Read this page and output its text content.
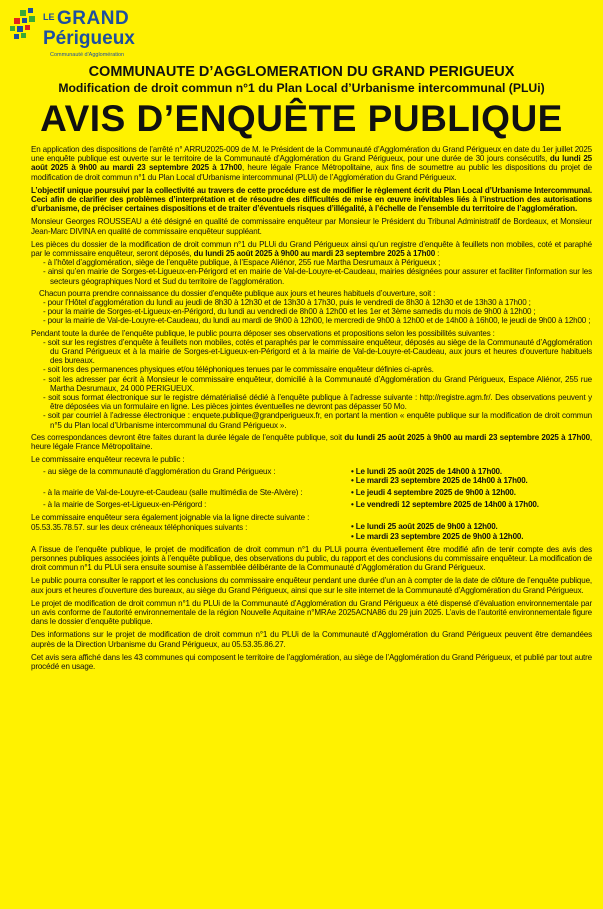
LE GRAND
Périgueux
Communauté d'Agglomération
COMMUNAUTE D’AGGLOMERATION DU GRAND PERIGUEUX
Modification de droit commun n°1 du Plan Local d’Urbanisme intercommunal (PLUi)
AVIS D’ENQUÊTE PUBLIQUE

En application des dispositions de l’arrêté n° ARRU2025-009 de M. le Président de la Communauté d’Agglomération du Grand Périgueux en date du 1er juillet 2025 une enquête publique est ouverte sur le territoire de la Communauté d’Agglomération du Grand Périgueux, pour une durée de 30 jours consécutifs, du lundi 25 août 2025 à 9h00 au mardi 23 septembre 2025 à 17h00, heure légale France Métropolitaine, aux fins de soumettre au public les dispositions du projet de modification de droit commun n°1 du Plan Local d’Urbanisme intercommunal (PLUi) de l’Agglomération du Grand Périgueux.

L’objectif unique poursuivi par la collectivité au travers de cette procédure est de modifier le règlement écrit du Plan Local d’Urbanisme Intercommunal. Ceci afin de clarifier des problèmes d’interprétation et de résoudre des difficultés de mise en œuvre inévitables liés à l’instruction des autorisations d’urbanisme, de préciser certaines dispositions et de traiter d’éventuels risques d’illégalité, à l’échelle de l’ensemble du territoire de l’agglomération.

Monsieur Georges ROUSSEAU a été désigné en qualité de commissaire enquêteur par Monsieur le Président du Tribunal Administratif de Bordeaux, et Monsieur Jean-Marc DIVINA en qualité de commissaire enquêteur suppléant.

Les pièces du dossier de la modification de droit commun n°1 du PLUi du Grand Périgueux ainsi qu’un registre d’enquête à feuillets non mobiles, coté et paraphé par le commissaire enquêteur, seront déposés, du lundi 25 août 2025 à 9h00 au mardi 23 septembre 2025 à 17h00 :

- à l’hôtel d’agglomération, siège de l’enquête publique, à l’Espace Aliénor, 255 rue Martha Desrumaux à Périgueux ;
- ainsi qu’en mairie de Sorges-et-Ligueux-en-Périgord et en mairie de Val-de-Louyre-et-Caudeau, mairies désignées pour assurer et faciliter l’information sur les secteurs géographiques Nord et Sud du territoire de l’agglomération.

Chacun pourra prendre connaissance du dossier d’enquête publique aux jours et heures habituels d’ouverture, soit :

- pour l’Hôtel d’agglomération du lundi au jeudi de 8h30 à 12h30 et de 13h30 à 17h30, puis le vendredi de 8h30 à 12h30 et de 13h30 à 17h00 ;
- pour la mairie de Sorges-et-Ligueux-en-Périgord, du lundi au vendredi de 8h00 à 12h00 et les 1er et 3ème samedis du mois de 9h00 à 12h00 ;
- pour la mairie de Val-de-Louyre-et-Caudeau, du lundi au mardi de 9h00 à 12h00, le mercredi de 9h00 à 12h00 et de 14h00 à 16h00, le jeudi de 9h00 à 12h00 ;

Pendant toute la durée de l’enquête publique, le public pourra déposer ses observations et propositions selon les possibilités suivantes :

- soit sur les registres d’enquête à feuillets non mobiles, cotés et paraphés par le commissaire enquêteur, déposés au siège de la Communauté d’Agglomération du Grand Périgueux et à la mairie de Sorges-et-Ligueux-en-Périgord et à la mairie de Val-de-Louyre-et-Caudeau, aux jours et heures d’ouverture habituels des bureaux.
- soit lors des permanences physiques et/ou téléphoniques tenues par le commissaire enquêteur définies ci-après.
- soit les adresser par écrit à Monsieur le commissaire enquêteur, domicilié à la Communauté d’Agglomération du Grand Périgueux, Espace Aliénor, 255 rue Martha Desrumaux, 24 000 PERIGUEUX.
- soit sous format électronique sur le registre dématérialisé dédié à l’enquête publique à l’adresse suivante : http://registre.agm.fr/. Des observations peuvent y être déposées via un formulaire en ligne. Les pièces jointes éventuelles ne devront pas dépasser 50 Mo.
- soit par courriel à l’adresse électronique : enquete.publique@grandperigueux.fr, en portant la mention « enquête publique sur la modification de droit commun n°5 du Plan local d’Urbanisme intercommunal du Grand Périgueux ».

Ces correspondances devront être faites durant la durée légale de l’enquête publique, soit du lundi 25 août 2025 à 9h00 au mardi 23 septembre 2025 à 17h00, heure légale France Métropolitaine.

Le commissaire enquêteur recevra le public :

- au siège de la communauté d’agglomération du Grand Périgueux :	• Le lundi 25 août 2025 de 14h00 à 17h00.
• Le mardi 23 septembre 2025 de 14h00 à 17h00.
- à la mairie de Val-de-Louyre-et-Caudeau (salle multimédia de Ste-Alvère) :	• Le jeudi 4 septembre 2025 de 9h00 à 12h00.
- à la mairie de Sorges-et-Ligueux-en-Périgord :	• Le vendredi 12 septembre 2025 de 14h00 à 17h00.
Le commissaire enquêteur sera également joignable via la ligne directe suivante : 05.53.35.78.57. sur les deux créneaux téléphoniques suivants :	• Le lundi 25 août 2025 de 9h00 à 12h00.
• Le mardi 23 septembre 2025 de 9h00 à 12h00.

A l’issue de l’enquête publique, le projet de modification de droit commun n°1 du PLUi pourra éventuellement être modifié afin de tenir compte des avis des personnes publiques associées joints à l’enquête publique, des observations du public, du rapport et des conclusions du commissaire enquêteur. La modification de droit commun n°1 du PLUi sera ensuite soumise à l’assemblée délibérante de la Communauté d’Agglomération du Grand Périgueux.

Le public pourra consulter le rapport et les conclusions du commissaire enquêteur pendant une durée d’un an à compter de la date de clôture de l’enquête publique, aux jours et heures d’ouverture des bureaux, au siège du Grand Périgueux, ainsi que sur le site internet de la Communauté d’Agglomération du Grand Périgueux.

Le projet de modification de droit commun n°1 du PLUi de la Communauté d’Agglomération du Grand Périgueux a été dispensé d’évaluation environnementale par un avis conforme de l’autorité environnementale de la région Nouvelle Aquitaine n°MRAe 2025ACNA86 du 29 juin 2025. L’avis de l’autorité environnementale figure dans le dossier d’enquête publique.

Des informations sur le projet de modification de droit commun n°1 du PLUi de la Communauté d’Agglomération du Grand Périgueux peuvent être demandées auprès de la Direction Urbanisme du Grand Périgueux, au 05.53.35.86.27.

Cet avis sera affiché dans les 43 communes qui composent le territoire de l’agglomération, au siège de l’Agglomération du Grand Périgueux, et publié par tout autre procédé en usage.
